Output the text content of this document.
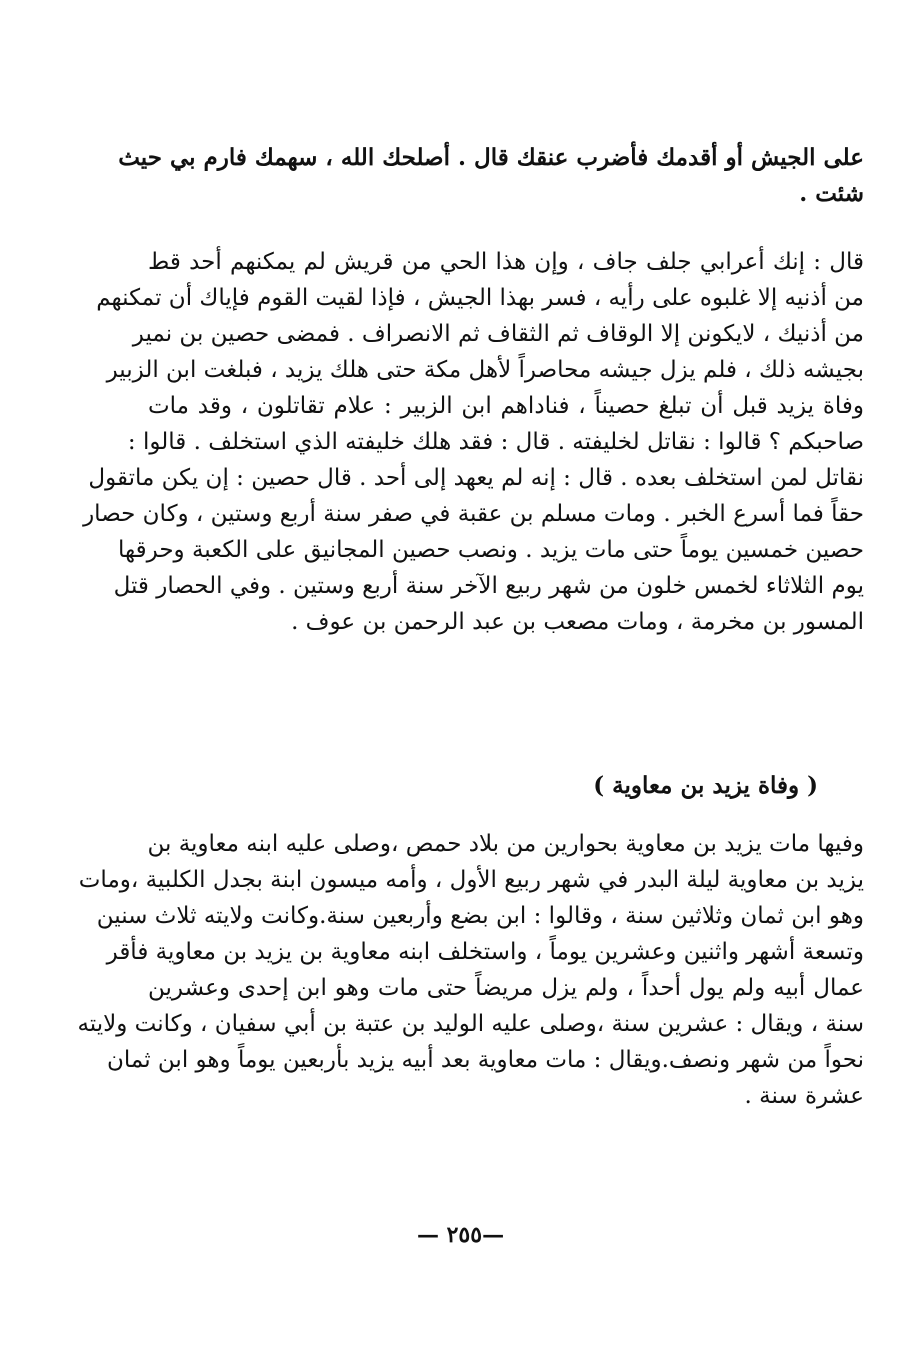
على الجيش أو أقدمك فأضرب عنقك قال . أصلحك الله ، سهمك فارم بي حيث
شئت .
قال : إنك أعرابي جلف جاف ، وإن هذا الحي من قريش لم يمكنهم أحد قط
من أذنيه إلا غلبوه على رأيه ، فسر بهذا الجيش ، فإذا لقيت القوم فإياك أن تمكنهم
من أذنيك ، لايكونن إلا الوقاف ثم الثقاف ثم الانصراف . فمضى حصين بن نمير
بجيشه ذلك ، فلم يزل جيشه محاصراً لأهل مكة حتى هلك يزيد ، فبلغت ابن الزبير
وفاة يزيد قبل أن تبلغ حصيناً ، فناداهم ابن الزبير : علام تقاتلون ، وقد مات
صاحبكم ؟ قالوا : نقاتل لخليفته . قال : فقد هلك خليفته الذي استخلف . قالوا :
نقاتل لمن استخلف بعده . قال : إنه لم يعهد إلى أحد . قال حصين : إن يكن ماتقول
حقاً فما أسرع الخبر . ومات مسلم بن عقبة في صفر سنة أربع وستين ، وكان حصار
حصين خمسين يوماً حتى مات يزيد . ونصب حصين المجانيق على الكعبة وحرقها
يوم الثلاثاء لخمس خلون من شهر ربيع الآخر سنة أربع وستين . وفي الحصار قتل
المسور بن مخرمة ، ومات مصعب بن عبد الرحمن بن عوف .
( وفاة يزيد بن معاوية )
وفيها مات يزيد بن معاوية بحوارين من بلاد حمص ،وصلى عليه ابنه معاوية بن
يزيد بن معاوية ليلة البدر في شهر ربيع الأول ، وأمه ميسون ابنة بجدل الكلبية ،ومات
وهو ابن ثمان وثلاثين سنة ، وقالوا : ابن بضع وأربعين سنة.وكانت ولايته ثلاث سنين
وتسعة أشهر واثنين وعشرين يوماً ، واستخلف ابنه معاوية بن يزيد بن معاوية فأقر
عمال أبيه ولم يول أحداً ، ولم يزل مريضاً حتى مات وهو ابن إحدى وعشرين
سنة ، ويقال : عشرين سنة ،وصلى عليه الوليد بن عتبة بن أبي سفيان ، وكانت ولايته
نحواً من شهر ونصف.ويقال : مات معاوية بعد أبيه يزيد بأربعين يوماً وهو ابن ثمان
عشرة سنة .
—٢٥٥ —
